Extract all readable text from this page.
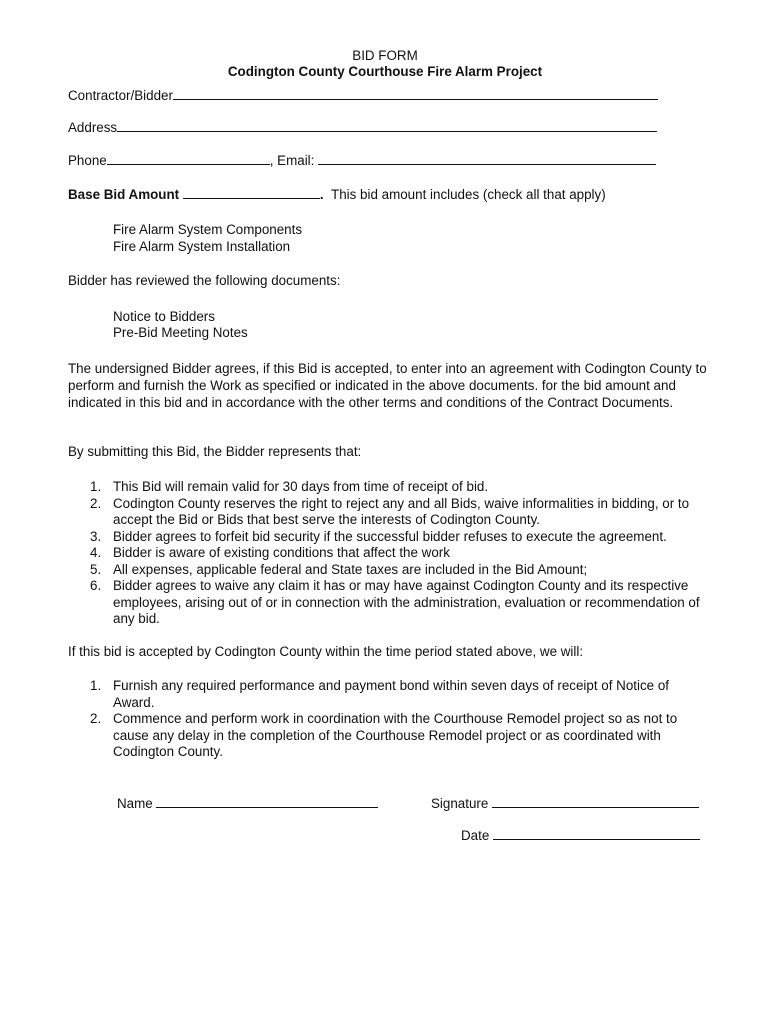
BID FORM
Codington County Courthouse Fire Alarm Project
Contractor/Bidder
Address
Phone	, Email:
Base Bid Amount	. This bid amount includes (check all that apply)
Fire Alarm System Components
Fire Alarm System Installation
Bidder has reviewed the following documents:
Notice to Bidders
Pre-Bid Meeting Notes
The undersigned Bidder agrees, if this Bid is accepted, to enter into an agreement with Codington County to perform and furnish the Work as specified or indicated in the above documents. for the bid amount and indicated in this bid and in accordance with the other terms and conditions of the Contract Documents.
By submitting this Bid, the Bidder represents that:
1. This Bid will remain valid for 30 days from time of receipt of bid.
2. Codington County reserves the right to reject any and all Bids, waive informalities in bidding, or to accept the Bid or Bids that best serve the interests of Codington County.
3. Bidder agrees to forfeit bid security if the successful bidder refuses to execute the agreement.
4. Bidder is aware of existing conditions that affect the work
5. All expenses, applicable federal and State taxes are included in the Bid Amount;
6. Bidder agrees to waive any claim it has or may have against Codington County and its respective employees, arising out of or in connection with the administration, evaluation or recommendation of any bid.
If this bid is accepted by Codington County within the time period stated above, we will:
1. Furnish any required performance and payment bond within seven days of receipt of Notice of Award.
2. Commence and perform work in coordination with the Courthouse Remodel project so as not to cause any delay in the completion of the Courthouse Remodel project or as coordinated with Codington County.
Name	Signature
Date
